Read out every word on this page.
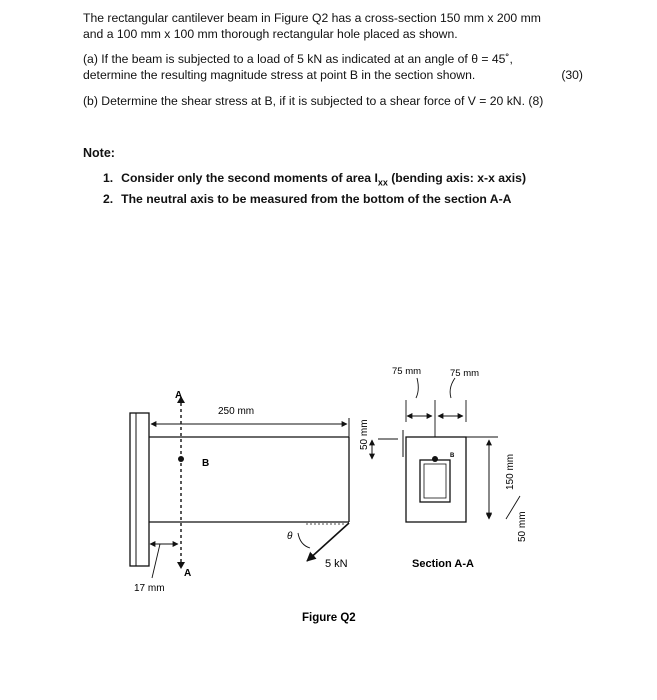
The rectangular cantilever beam in Figure Q2 has a cross-section 150 mm x 200 mm
and a 100 mm x 100 mm thorough rectangular hole placed as shown.
(a) If the beam is subjected to a load of 5 kN as indicated at an angle of θ = 45˚,
determine the resulting magnitude stress at point B in the section shown.	(30)
(b) Determine the shear stress at B, if it is subjected to a shear force of V = 20 kN. (8)
Note:
1. Consider only the second moments of area $I_{xx}$ (bending axis: x-x axis)
2. The neutral axis to be measured from the bottom of the section A-A
250 mm
A
A
B
17 mm
θ
5 kN
50 mm
B
75 mm	75 mm
150 mm
50 mm
Section A-A
Figure Q2
